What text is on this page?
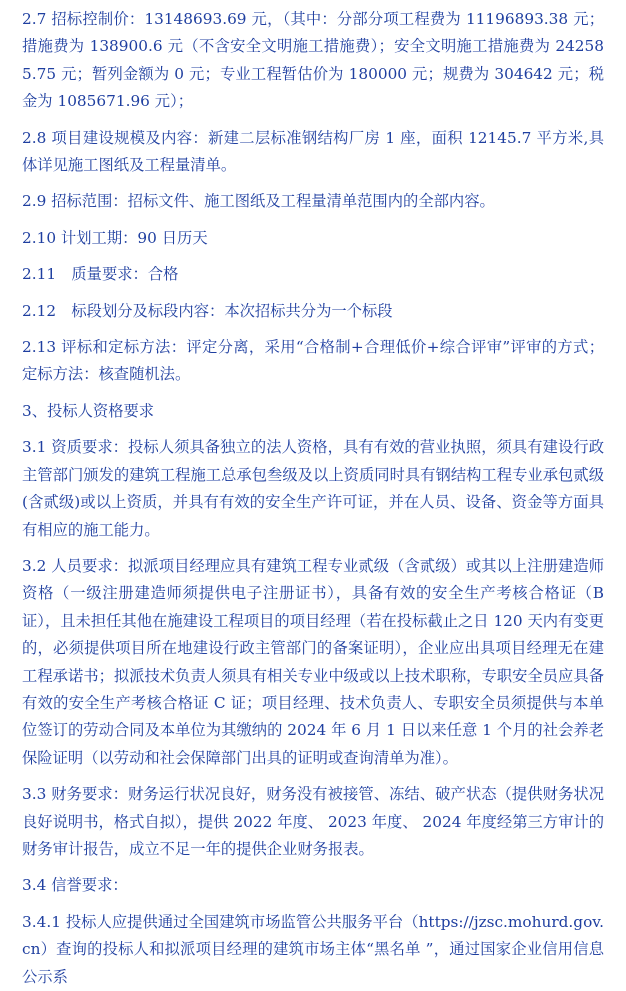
2.7 招标控制价：13148693.69 元，（其中：分部分项工程费为 11196893.38 元；措施费为 138900.6 元（不含安全文明施工措施费）；安全文明施工措施费为 242585.75 元；暂列金额为 0 元；专业工程暂估价为 180000 元；规费为 304642 元；税金为 1085671.96 元）；

2.8 项目建设规模及内容：新建二层标准钢结构厂房 1 座，面积 12145.7 平方米,具体详见施工图纸及工程量清单。

2.9 招标范围：招标文件、施工图纸及工程量清单范围内的全部内容。

2.10 计划工期：90 日历天

2.11　质量要求：合格

2.12　标段划分及标段内容：本次招标共分为一个标段

2.13 评标和定标方法：评定分离，采用“合格制+合理低价+综合评审”评审的方式；定标方法：核查随机法。

3、投标人资格要求

3.1 资质要求：投标人须具备独立的法人资格，具有有效的营业执照，须具有建设行政主管部门颁发的建筑工程施工总承包叁级及以上资质同时具有钢结构工程专业承包贰级(含贰级)或以上资质，并具有有效的安全生产许可证，并在人员、设备、资金等方面具有相应的施工能力。

3.2 人员要求：拟派项目经理应具有建筑工程专业贰级（含贰级）或其以上注册建造师资格（一级注册建造师须提供电子注册证书），具备有效的安全生产考核合格证（B 证），且未担任其他在施建设工程项目的项目经理（若在投标截止之日 120 天内有变更的，必须提供项目所在地建设行政主管部门的备案证明），企业应出具项目经理无在建工程承诺书；拟派技术负责人须具有相关专业中级或以上技术职称，专职安全员应具备有效的安全生产考核合格证 C 证；项目经理、技术负责人、专职安全员须提供与本单位签订的劳动合同及本单位为其缴纳的 2024 年 6 月 1 日以来任意 1 个月的社会养老保险证明（以劳动和社会保障部门出具的证明或查询清单为准）。

3.3 财务要求：财务运行状况良好，财务没有被接管、冻结、破产状态（提供财务状况良好说明书，格式自拟），提供 2022 年度、 2023 年度、 2024 年度经第三方审计的财务审计报告，成立不足一年的提供企业财务报表。

3.4 信誉要求：

3.4.1 投标人应提供通过全国建筑市场监管公共服务平台（https://jzsc.mohurd.gov.cn）查询的投标人和拟派项目经理的建筑市场主体“黑名单 ”，通过国家企业信用信息公示系
